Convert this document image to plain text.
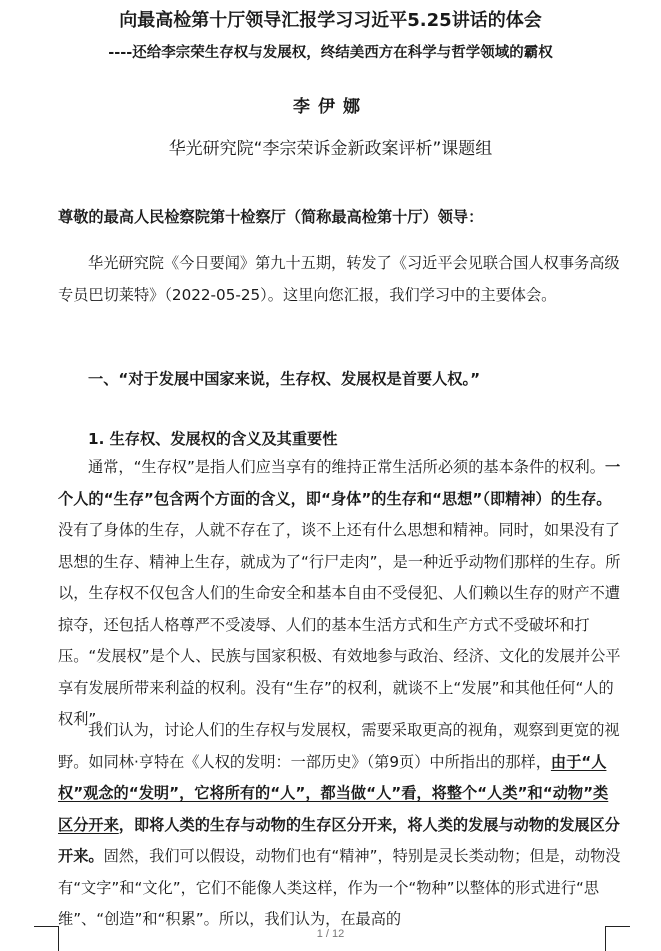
向最高检第十厅领导汇报学习习近平5.25讲话的体会
----还给李宗荣生存权与发展权，终结美西方在科学与哲学领域的霸权
李伊娜
华光研究院“李宗荣诉金新政案评析”课题组

尊敬的最高人民检察院第十检察厅（简称最高检第十厅）领导：

华光研究院《今日要闻》第九十五期，转发了《习近平会见联合国人权事务高级专员巴切莱特》（2022-05-25）。这里向您汇报，我们学习中的主要体会。

一、“对于发展中国家来说，生存权、发展权是首要人权。”

1. 生存权、发展权的含义及其重要性

通常，“生存权”是指人们应当享有的维持正常生活所必须的基本条件的权利。一个人的“生存”包含两个方面的含义，即“身体”的生存和“思想”（即精神）的生存。没有了身体的生存，人就不存在了，谈不上还有什么思想和精神。同时，如果没有了思想的生存、精神上生存，就成为了“行尸走肉”，是一种近乎动物们那样的生存。所以，生存权不仅包含人们的生命安全和基本自由不受侵犯、人们赖以生存的财产不遭掠夺，还包括人格尊严不受凌辱、人们的基本生活方式和生产方式不受破坏和打压。“发展权”是个人、民族与国家积极、有效地参与政治、经济、文化的发展并公平享有发展所带来利益的权利。没有“生存”的权利，就谈不上“发展”和其他任何“人的权利”。

我们认为，讨论人们的生存权与发展权，需要采取更高的视角，观察到更宽的视野。如同林·亨特在《人权的发明：一部历史》（第9页）中所指出的那样，由于“人权”观念的“发明”，它将所有的“人”，都当做“人”看，将整个“人类”和“动物”类区分开来，即将人类的生存与动物的生存区分开来，将人类的发展与动物的发展区分开来。固然，我们可以假设，动物们也有“精神”，特别是灵长类动物；但是，动物没有“文字”和“文化”，它们不能像人类这样，作为一个“物种”以整体的形式进行“思维”、“创造”和“积累”。所以，我们认为，在最高的

1 / 12
